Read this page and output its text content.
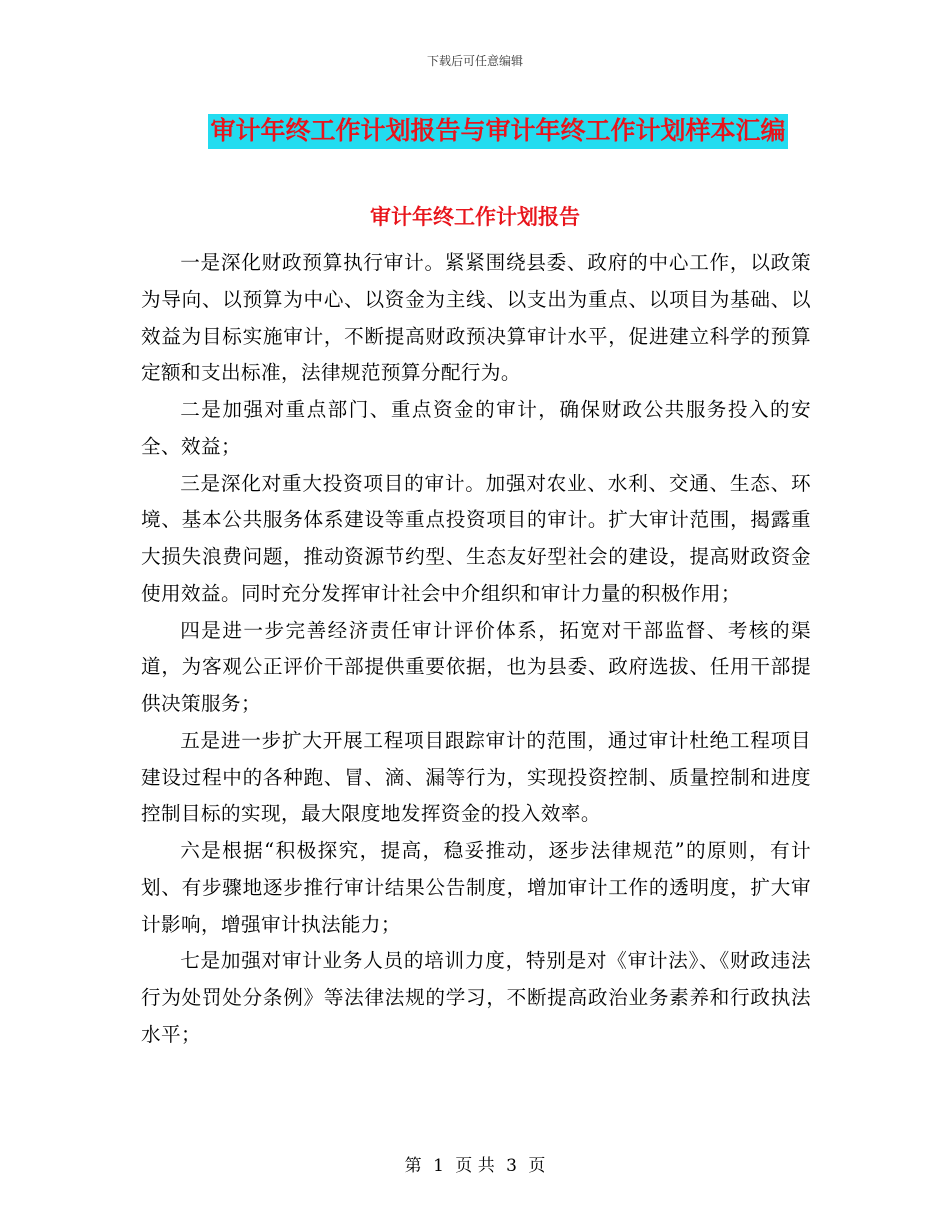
下载后可任意编辑
审计年终工作计划报告与审计年终工作计划样本汇编
审计年终工作计划报告

一是深化财政预算执行审计。紧紧围绕县委、政府的中心工作，以政策为导向、以预算为中心、以资金为主线、以支出为重点、以项目为基础、以效益为目标实施审计，不断提高财政预决算审计水平，促进建立科学的预算定额和支出标准，法律规范预算分配行为。

二是加强对重点部门、重点资金的审计，确保财政公共服务投入的安全、效益；

三是深化对重大投资项目的审计。加强对农业、水利、交通、生态、环境、基本公共服务体系建设等重点投资项目的审计。扩大审计范围，揭露重大损失浪费问题，推动资源节约型、生态友好型社会的建设，提高财政资金使用效益。同时充分发挥审计社会中介组织和审计力量的积极作用；

四是进一步完善经济责任审计评价体系，拓宽对干部监督、考核的渠道，为客观公正评价干部提供重要依据，也为县委、政府选拔、任用干部提供决策服务；

五是进一步扩大开展工程项目跟踪审计的范围，通过审计杜绝工程项目建设过程中的各种跑、冒、滴、漏等行为，实现投资控制、质量控制和进度控制目标的实现，最大限度地发挥资金的投入效率。

六是根据“积极探究，提高，稳妥推动，逐步法律规范”的原则，有计划、有步骤地逐步推行审计结果公告制度，增加审计工作的透明度，扩大审计影响，增强审计执法能力；

七是加强对审计业务人员的培训力度，特别是对《审计法》、《财政违法行为处罚处分条例》等法律法规的学习，不断提高政治业务素养和行政执法水平；

第 1 页 共 3 页
